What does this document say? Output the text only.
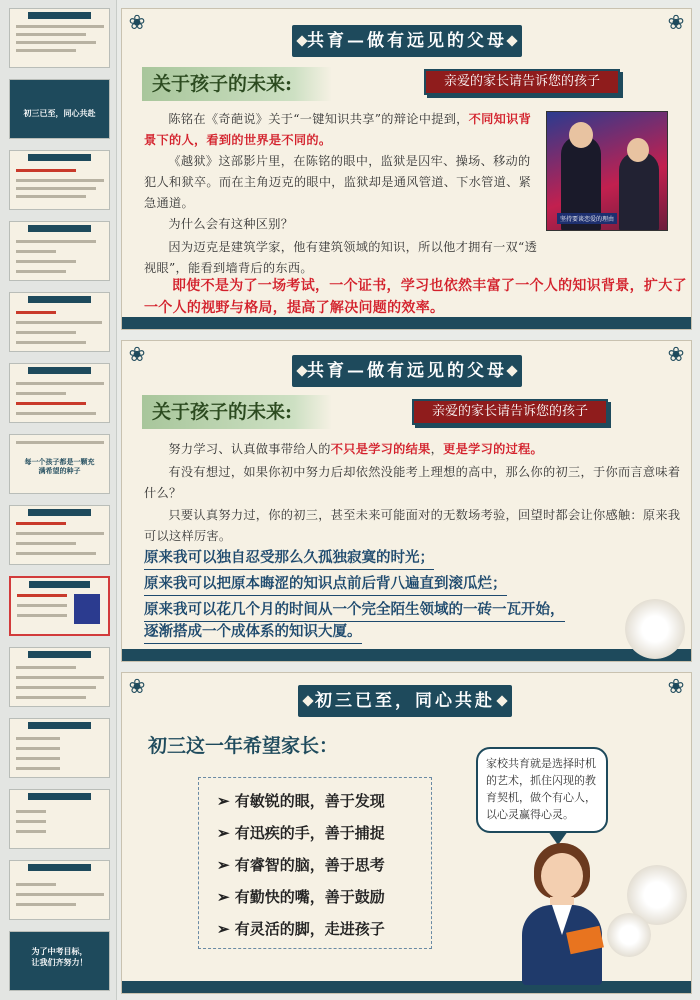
初三已至，同心共赴
每一个孩子都是一颗充满希望的种子
为了中考目标，让我们齐努力！
❀	❀
共育—做有远见的父母
关于孩子的未来:	亲爱的家长请告诉您的孩子
陈铭在《奇葩说》关于“一键知识共享”的辩论中提到，不同知识背景下的人，看到的世界是不同的。
《越狱》这部影片里，在陈铭的眼中，监狱是囚牢、操场、移动的犯人和狱卒。而在主角迈克的眼中，监狱却是通风管道、下水管道、紧急通道。
为什么会有这种区别？
因为迈克是建筑学家，他有建筑领域的知识，所以他才拥有一双“透视眼”，能看到墙背后的东西。
坚持要谈恋爱的理由
即使不是为了一场考试，一个证书，学习也依然丰富了一个人的知识背景，扩大了一个人的视野与格局，提高了解决问题的效率。
❀	❀
共育—做有远见的父母
关于孩子的未来:	亲爱的家长请告诉您的孩子
努力学习、认真做事带给人的不只是学习的结果，更是学习的过程。
有没有想过，如果你初中努力后却依然没能考上理想的高中，那么你的初三，于你而言意味着什么？
只要认真努力过，你的初三，甚至未来可能面对的无数场考验，回望时都会让你感触：原来我可以这样厉害。
原来我可以独自忍受那么久孤独寂寞的时光；
原来我可以把原本晦涩的知识点前后背八遍直到滚瓜烂；
原来我可以花几个月的时间从一个完全陌生领域的一砖一瓦开始，
逐渐搭成一个成体系的知识大厦。
❀	❀
初三已至，同心共赴
初三这一年希望家长：
➢ 有敏锐的眼，善于发现
➢ 有迅疾的手，善于捕捉
➢ 有睿智的脑，善于思考
➢ 有勤快的嘴，善于鼓励
➢ 有灵活的脚，走进孩子
家校共育就是选择时机的艺术，抓住闪现的教育契机，做个有心人，以心灵赢得心灵。
